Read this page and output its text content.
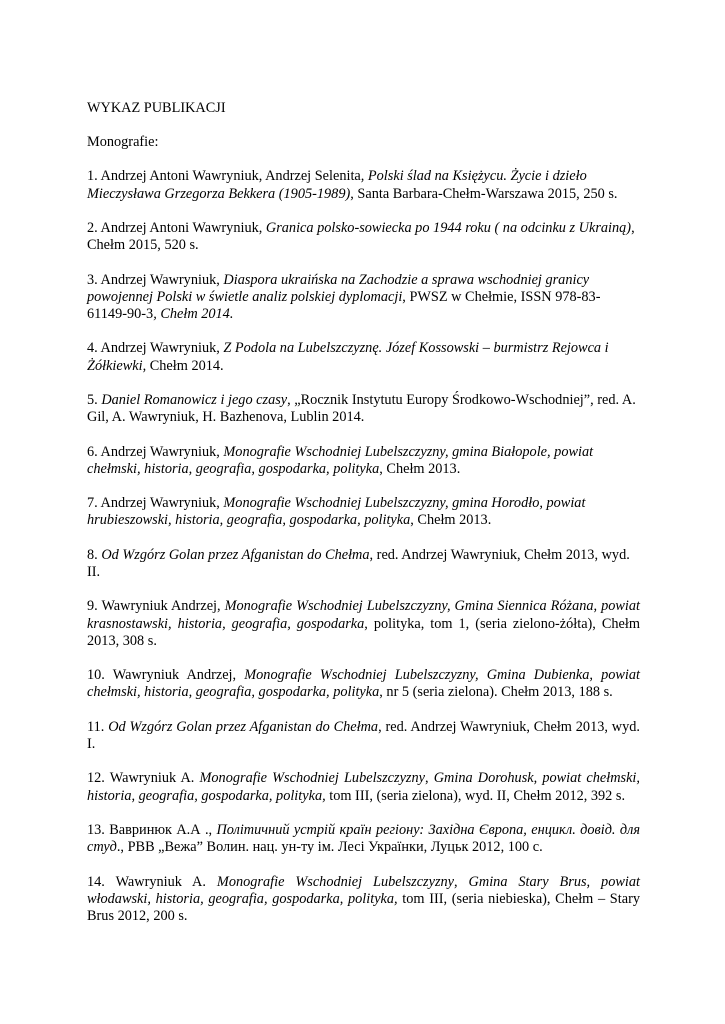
WYKAZ PUBLIKACJI

Monografie:

1. Andrzej Antoni Wawryniuk, Andrzej Selenita, Polski ślad na Księżycu. Życie i dzieło Mieczysława Grzegorza Bekkera (1905-1989), Santa Barbara-Chełm-Warszawa 2015, 250 s.

2. Andrzej Antoni Wawryniuk, Granica polsko-sowiecka po 1944 roku ( na odcinku z Ukrainą), Chełm 2015, 520 s.

3. Andrzej Wawryniuk, Diaspora ukraińska na Zachodzie a sprawa wschodniej granicy powojennej Polski w świetle analiz polskiej dyplomacji, PWSZ w Chełmie, ISSN 978-83-61149-90-3, Chełm 2014.

4. Andrzej Wawryniuk, Z Podola na Lubelszczyznę. Józef Kossowski – burmistrz Rejowca i Żółkiewki, Chełm 2014.

5. Daniel Romanowicz i jego czasy, „Rocznik Instytutu Europy Środkowo-Wschodniej”, red. A. Gil, A. Wawryniuk, H. Bazhenova, Lublin 2014.

6. Andrzej Wawryniuk, Monografie Wschodniej Lubelszczyzny, gmina Białopole, powiat chełmski, historia, geografia, gospodarka, polityka, Chełm 2013.

7. Andrzej Wawryniuk, Monografie Wschodniej Lubelszczyzny, gmina Horodło, powiat hrubieszowski, historia, geografia, gospodarka, polityka, Chełm 2013.

8. Od Wzgórz Golan przez Afganistan do Chełma, red. Andrzej Wawryniuk, Chełm 2013, wyd. II.

9. Wawryniuk Andrzej, Monografie Wschodniej Lubelszczyzny, Gmina Siennica Różana, powiat krasnostawski, historia, geografia, gospodarka, polityka, tom 1, (seria zielono-żółta), Chełm 2013, 308 s.

10. Wawryniuk Andrzej, Monografie Wschodniej Lubelszczyzny, Gmina Dubienka, powiat chełmski, historia, geografia, gospodarka, polityka, nr 5 (seria zielona). Chełm 2013, 188 s.

11. Od Wzgórz Golan przez Afganistan do Chełma, red. Andrzej Wawryniuk, Chełm 2013, wyd. I.

12. Wawryniuk A. Monografie Wschodniej Lubelszczyzny, Gmina Dorohusk, powiat chełmski, historia, geografia, gospodarka, polityka, tom III, (seria zielona), wyd. II, Chełm 2012, 392 s.

13. Вавринюк А.А ., Політичний устрій країн регіону: Західна Європа, енцикл. довід. для студ., РВВ „Вежа” Волин. нац. ун-ту ім. Лесі Українки, Луцьк 2012, 100 с.

14. Wawryniuk A. Monografie Wschodniej Lubelszczyzny, Gmina Stary Brus, powiat włodawski, historia, geografia, gospodarka, polityka, tom III, (seria niebieska), Chełm – Stary Brus 2012, 200 s.
